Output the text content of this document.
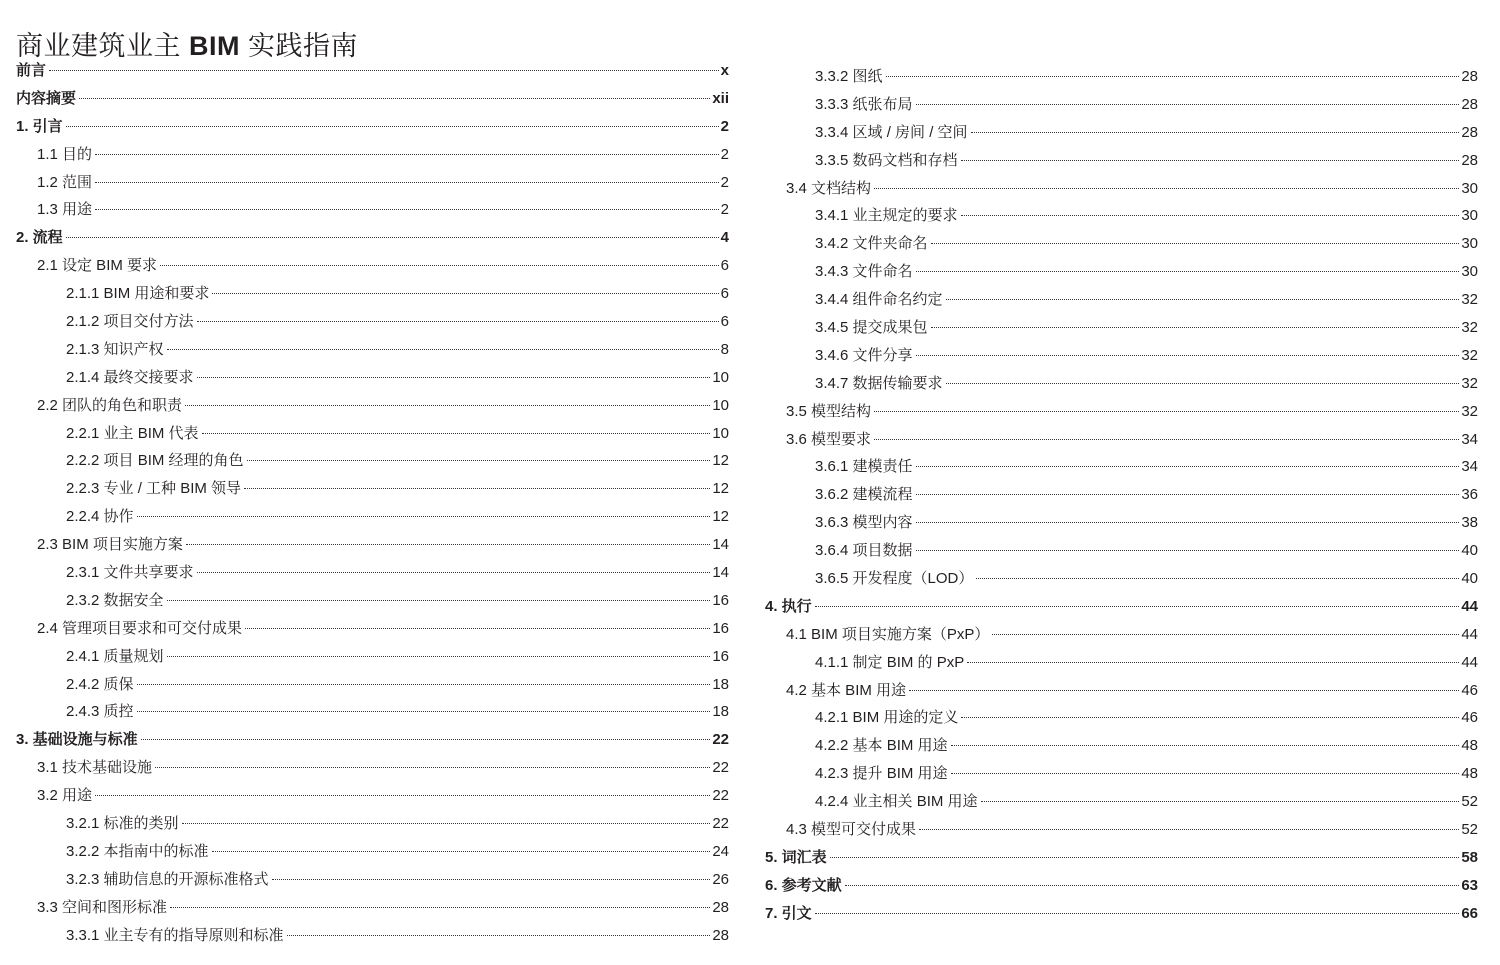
商业建筑业主 BIM 实践指南
前言	x
内容摘要	xii
1. 引言	2
1.1 目的	2
1.2 范围	2
1.3 用途	2
2. 流程	4
2.1 设定 BIM 要求	6
2.1.1 BIM 用途和要求	6
2.1.2 项目交付方法	6
2.1.3 知识产权	8
2.1.4 最终交接要求	10
2.2 团队的角色和职责	10
2.2.1 业主 BIM 代表	10
2.2.2 项目 BIM 经理的角色	12
2.2.3 专业 / 工种 BIM 领导	12
2.2.4 协作	12
2.3 BIM 项目实施方案	14
2.3.1 文件共享要求	14
2.3.2 数据安全	16
2.4 管理项目要求和可交付成果	16
2.4.1 质量规划	16
2.4.2 质保	18
2.4.3 质控	18
3. 基础设施与标准	22
3.1 技术基础设施	22
3.2 用途	22
3.2.1 标准的类别	22
3.2.2 本指南中的标准	24
3.2.3 辅助信息的开源标准格式	26
3.3 空间和图形标准	28
3.3.1 业主专有的指导原则和标准	28
3.3.2 图纸	28
3.3.3 纸张布局	28
3.3.4 区域 / 房间 / 空间	28
3.3.5 数码文档和存档	28
3.4 文档结构	30
3.4.1 业主规定的要求	30
3.4.2 文件夹命名	30
3.4.3 文件命名	30
3.4.4 组件命名约定	32
3.4.5 提交成果包	32
3.4.6 文件分享	32
3.4.7 数据传输要求	32
3.5 模型结构	32
3.6 模型要求	34
3.6.1 建模责任	34
3.6.2 建模流程	36
3.6.3 模型内容	38
3.6.4 项目数据	40
3.6.5 开发程度（LOD）	40
4. 执行	44
4.1 BIM 项目实施方案（PxP）	44
4.1.1 制定 BIM 的 PxP	44
4.2 基本 BIM 用途	46
4.2.1 BIM 用途的定义	46
4.2.2 基本 BIM 用途	48
4.2.3 提升 BIM 用途	48
4.2.4 业主相关 BIM 用途	52
4.3 模型可交付成果	52
5. 词汇表	58
6. 参考文献	63
7. 引文	66
